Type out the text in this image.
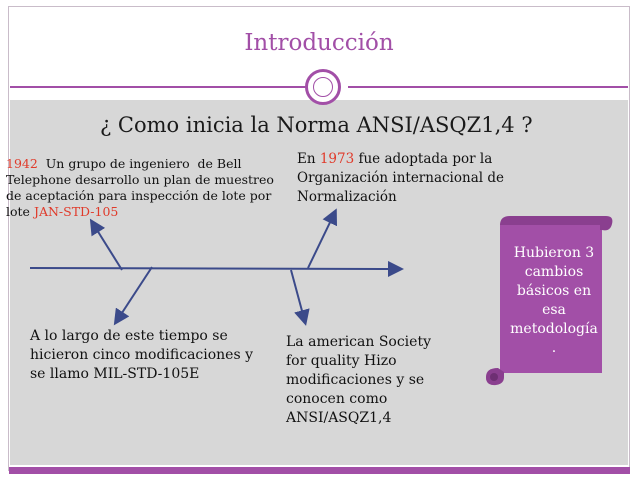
Introducción
¿ Como inicia la Norma ANSI/ASQZ1,4 ?
1942  Un grupo de ingeniero  de Bell
Telephone desarrollo un plan de muestreo
de aceptación para inspección de lote por
lote JAN-STD-105
En 1973 fue adoptada por la
Organización internacional de
Normalización
A lo largo de este tiempo se
hicieron cinco modificaciones y
se llamo MIL-STD-105E
La american Society
for quality Hizo
modificaciones y se
conocen como
ANSI/ASQZ1,4
Hubieron 3
cambios
básicos en
esa
metodología
.
